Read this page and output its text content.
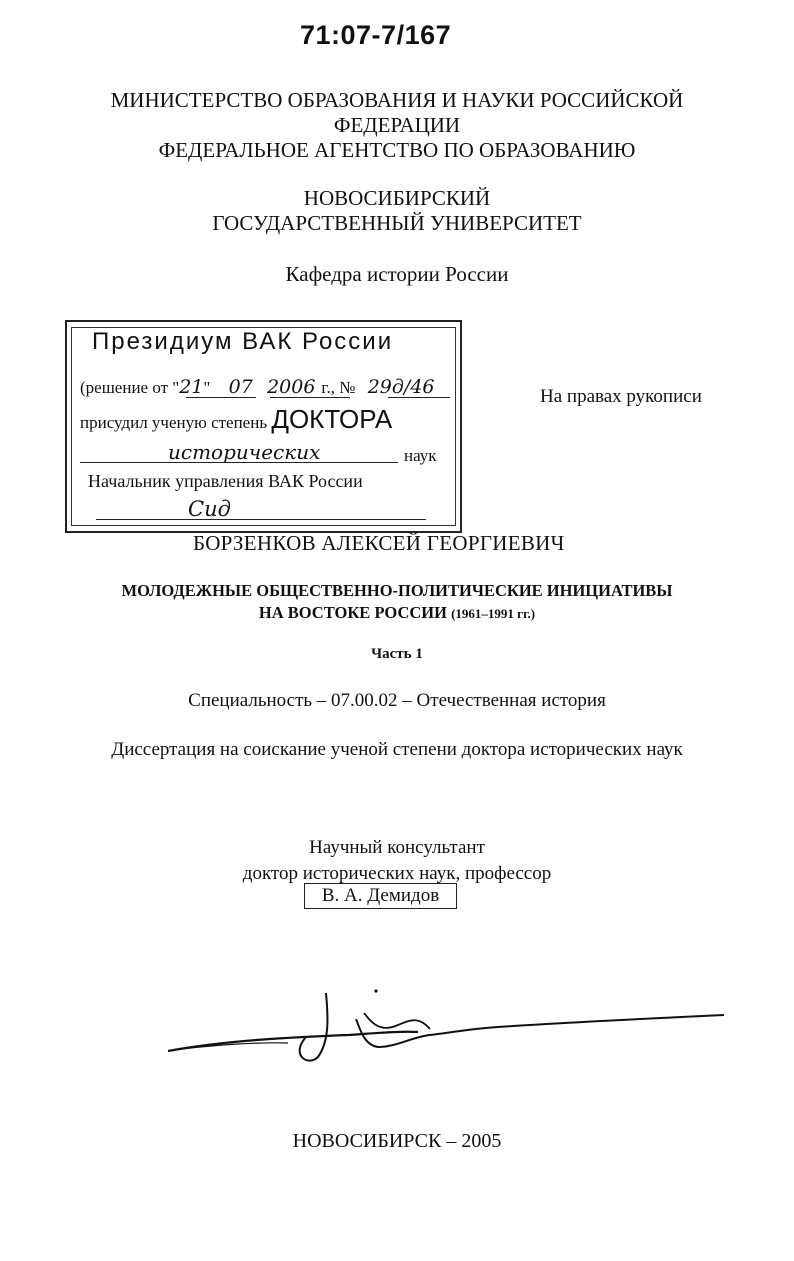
71:07-7/167
МИНИСТЕРСТВО ОБРАЗОВАНИЯ И НАУКИ РОССИЙСКОЙ
ФЕДЕРАЦИИ
ФЕДЕРАЛЬНОЕ АГЕНТСТВО ПО ОБРАЗОВАНИЮ
НОВОСИБИРСКИЙ
ГОСУДАРСТВЕННЫЙ УНИВЕРСИТЕТ
Кафедра истории России
Президиум ВАК России
(решение от "21" 07 2006 г., № 29д/46
присудил ученую степень ДОКТОРА
исторических	наук
Начальник управления ВАК России
Сид
На правах рукописи
БОРЗЕНКОВ АЛЕКСЕЙ ГЕОРГИЕВИЧ
МОЛОДЕЖНЫЕ ОБЩЕСТВЕННО-ПОЛИТИЧЕСКИЕ ИНИЦИАТИВЫ
НА ВОСТОКЕ РОССИИ (1961–1991 гг.)
Часть 1
Специальность – 07.00.02 – Отечественная история
Диссертация на соискание ученой степени доктора исторических наук
Научный консультант
доктор исторических наук, профессор
В. А. Демидов
НОВОСИБИРСК – 2005
